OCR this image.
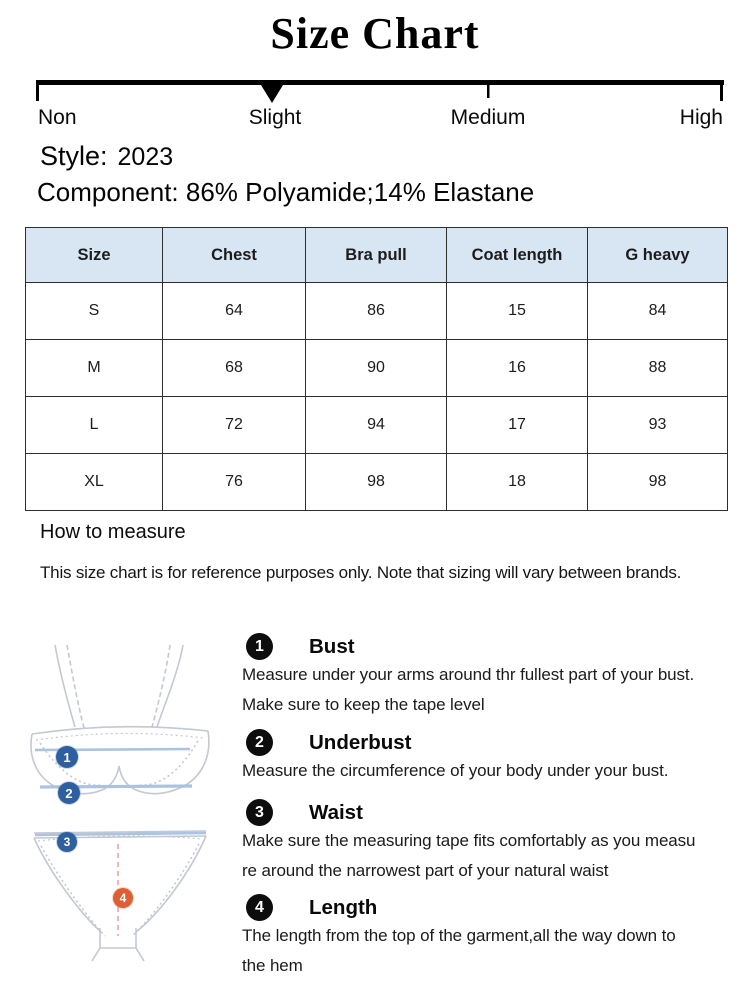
Size Chart
Non	Slight	Medium	High
Style: 2023
Component: 86% Polyamide;14% Elastane
Size	Chest	Bra pull	Coat length	G heavy
S	64	86	15	84
M	68	90	16	88
L	72	94	17	93
XL	76	98	18	98
How to measure
This size chart is for reference purposes only. Note that sizing will vary between brands.
1
2
3
4
1	Bust
Measure under your arms around thr fullest part of your bust.
Make sure to keep the tape level
2	Underbust
Measure the circumference of your body under your bust.
3	Waist
Make sure the measuring tape fits comfortably as you measu
re around the narrowest part of your natural waist
4	Length
The length from the top of the garment,all the way down to
the hem
